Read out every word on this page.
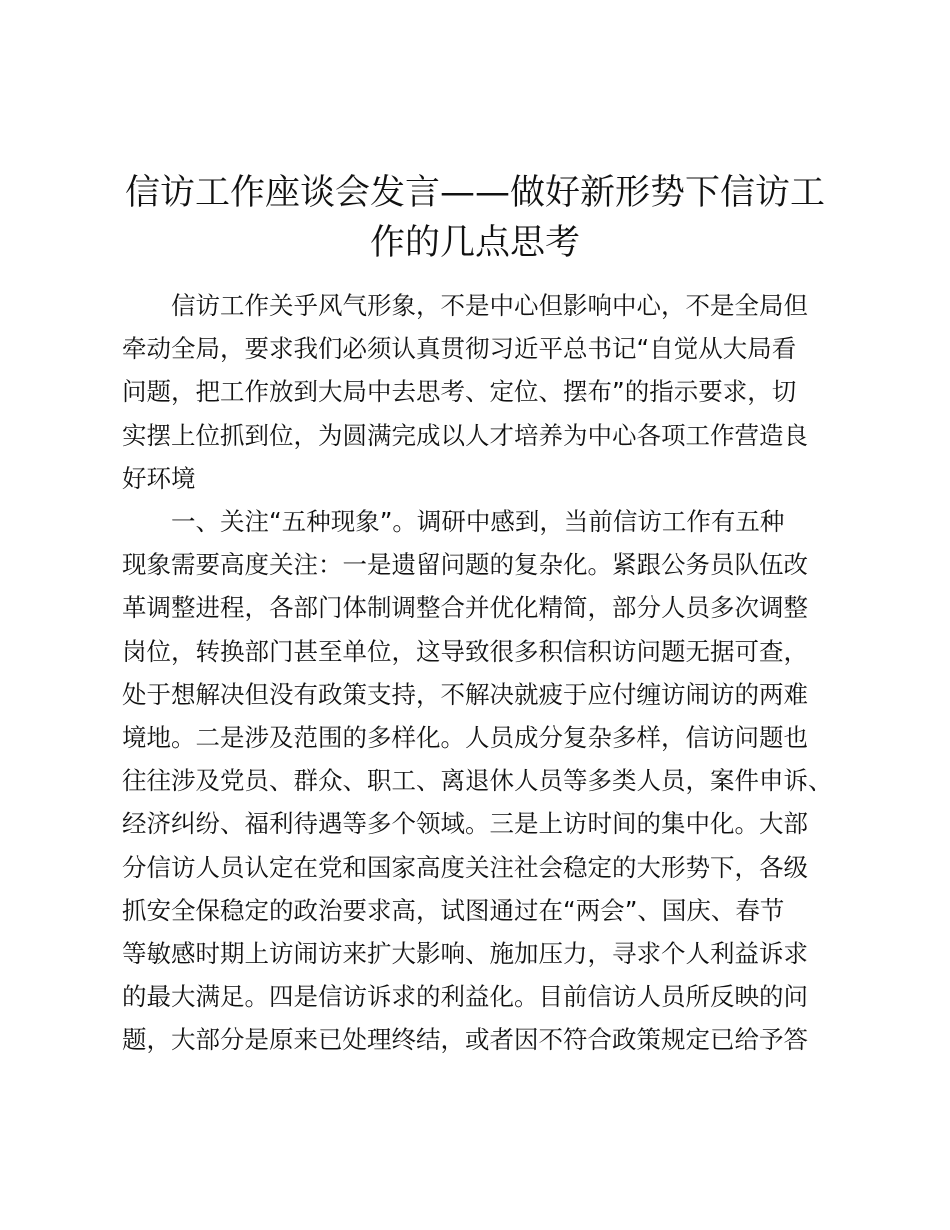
信访工作座谈会发言——做好新形势下信访工
作的几点思考
信访工作关乎风气形象，不是中心但影响中心，不是全局但
牵动全局，要求我们必须认真贯彻习近平总书记“自觉从大局看
问题，把工作放到大局中去思考、定位、摆布”的指示要求，切
实摆上位抓到位，为圆满完成以人才培养为中心各项工作营造良
好环境
一、关注“五种现象”。调研中感到，当前信访工作有五种
现象需要高度关注：一是遗留问题的复杂化。紧跟公务员队伍改
革调整进程，各部门体制调整合并优化精简，部分人员多次调整
岗位，转换部门甚至单位，这导致很多积信积访问题无据可查，
处于想解决但没有政策支持，不解决就疲于应付缠访闹访的两难
境地。二是涉及范围的多样化。人员成分复杂多样，信访问题也
往往涉及党员、群众、职工、离退休人员等多类人员，案件申诉、
经济纠纷、福利待遇等多个领域。三是上访时间的集中化。大部
分信访人员认定在党和国家高度关注社会稳定的大形势下，各级
抓安全保稳定的政治要求高，试图通过在“两会”、国庆、春节
等敏感时期上访闹访来扩大影响、施加压力，寻求个人利益诉求
的最大满足。四是信访诉求的利益化。目前信访人员所反映的问
题，大部分是原来已处理终结，或者因不符合政策规定已给予答
